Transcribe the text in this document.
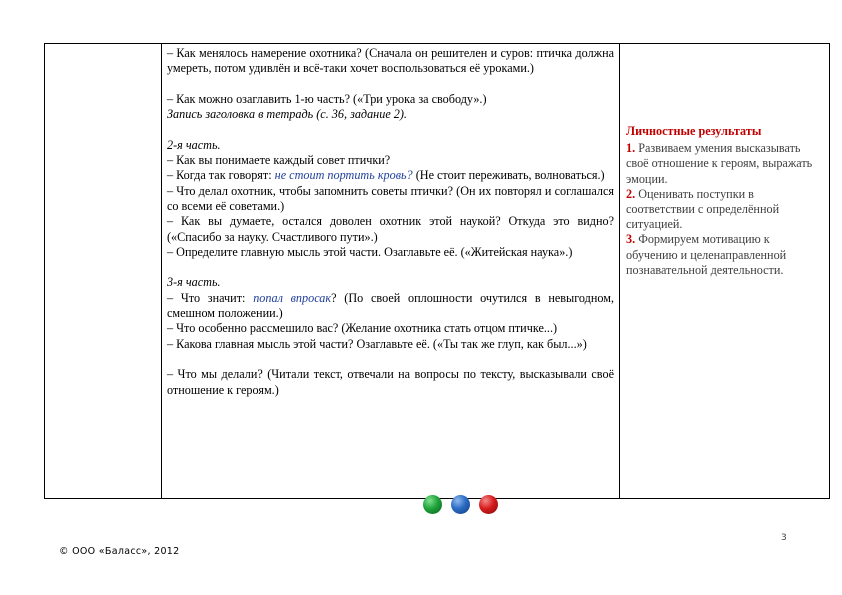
– Как менялось намерение охотника? (Сначала он решителен и суров: птичка должна умереть, потом удивлён и всё-таки хочет воспользоваться её уроками.)

– Как можно озаглавить 1-ю часть? («Три урока за свободу».)

Запись заголовка в тетрадь (с. 36, задание 2).

2-я часть.

– Как вы понимаете каждый совет птички?

– Когда так говорят: не стоит портить кровь? (Не стоит переживать, волноваться.)

– Что делал охотник, чтобы запомнить советы птички? (Он их повторял и соглашался со всеми её советами.)

– Как вы думаете, остался доволен охотник этой наукой? Откуда это видно? («Спасибо за науку. Счастливого пути».)

– Определите главную мысль этой части. Озаглавьте её. («Житейская наука».)

3-я часть.

– Что значит: попал впросак? (По своей оплошности очутился в невыгодном, смешном положении.)

– Что особенно рассмешило вас? (Желание охотника стать отцом птичке...)

– Какова главная мысль этой части? Озаглавьте её. («Ты так же глуп, как был...»)

– Что мы делали? (Читали текст, отвечали на вопросы по тексту, высказывали своё отношение к героям.)

Личностные результаты
1. Развиваем умения высказывать своё отношение к героям, выражать эмоции.
2. Оценивать поступки в соответствии с определённой ситуацией.
3. Формируем мотивацию к обучению и целенаправленной познавательной деятельности.
© ООО «Баласс», 2012
3
